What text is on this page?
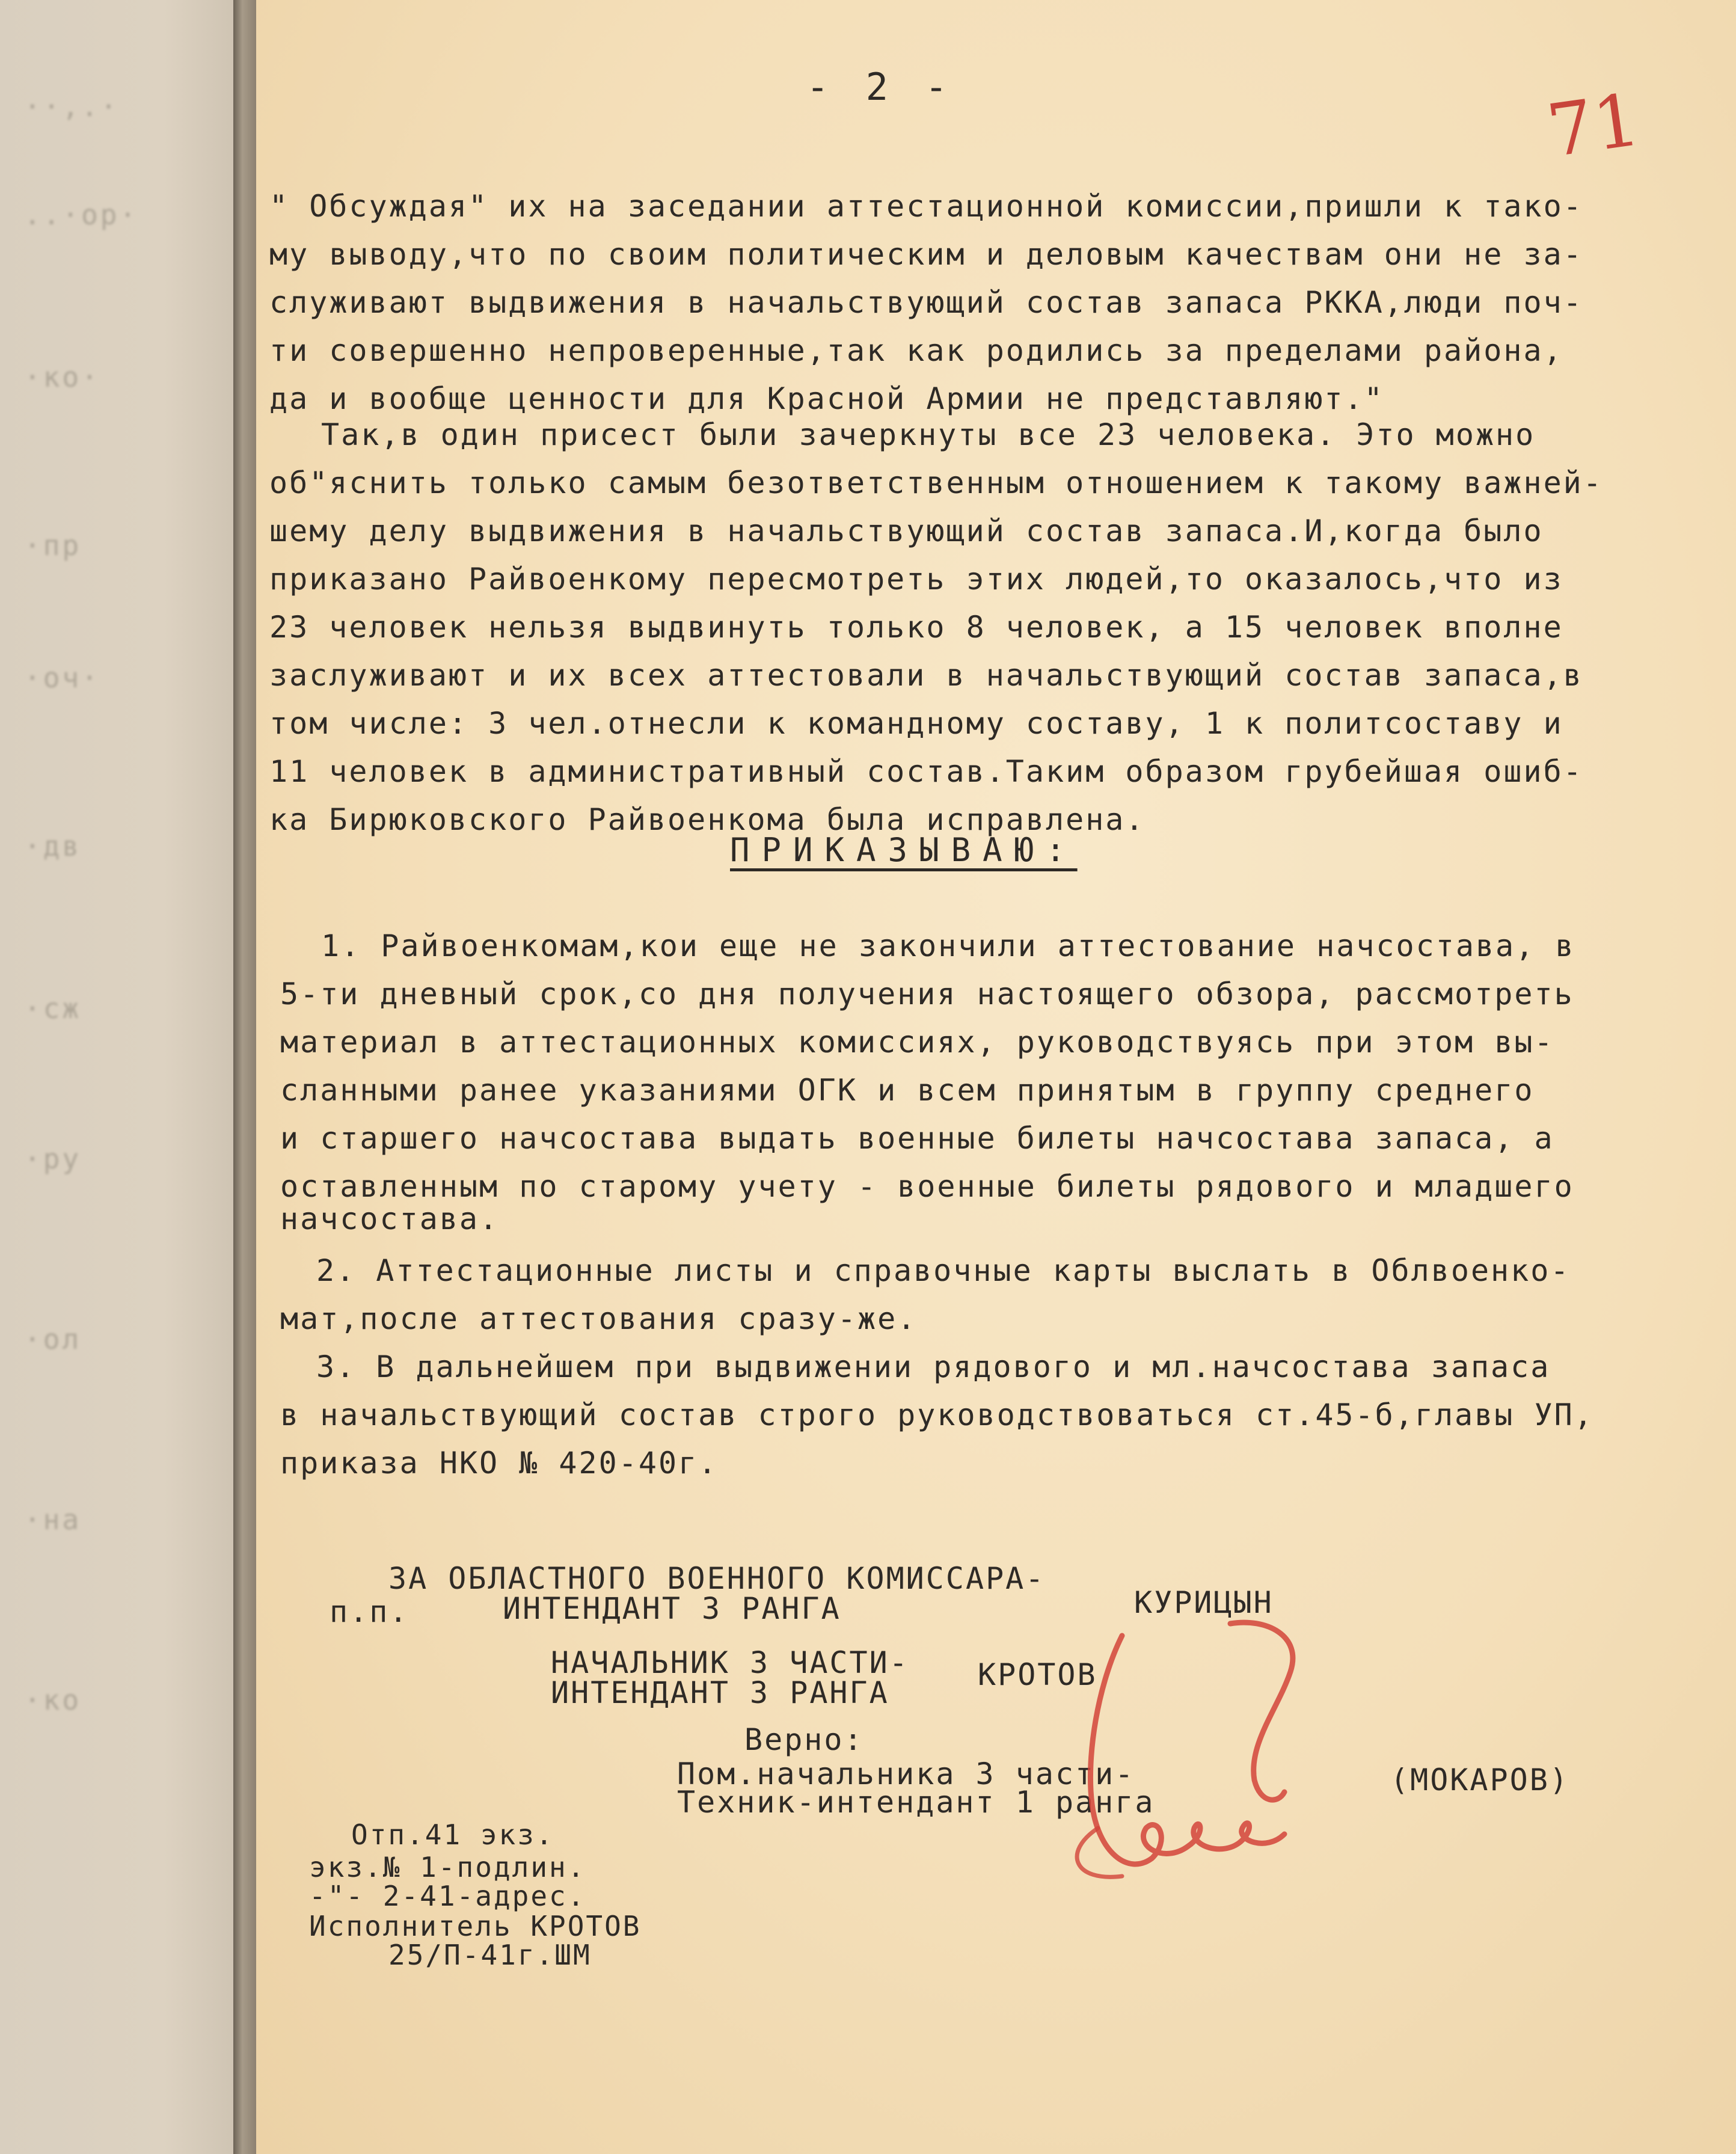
··,.·
..·ор·
·ко·
·пр
·оч·
·дв
·сж
·ру
·ол
·на
·ко
- 2 -	71
" Обсуждая" их на заседании аттестационной комиссии,пришли к тако-
му выводу,что по своим политическим и деловым качествам они не за-
служивают выдвижения в начальствующий состав запаса РККА,люди поч-
ти совершенно непроверенные,так как родились за пределами района,
да и вообще ценности для Красной Армии не представляют."
Так,в один присест были зачеркнуты все 23 человека. Это можно
об"яснить только самым безответственным отношением к такому важней-
шему делу выдвижения в начальствующий состав запаса.И,когда было
приказано Райвоенкому пересмотреть этих людей,то оказалось,что из
23 человек нельзя выдвинуть только 8 человек, а 15 человек вполне
заслуживают и их всех аттестовали в начальствующий состав запаса,в
том числе: 3 чел.отнесли к командному составу, 1 к политсоставу и
11 человек в административный состав.Таким образом грубейшая ошиб-
ка Бирюковского Райвоенкома была исправлена.
ПРИКАЗЫВАЮ:
1. Райвоенкомам,кои еще не закончили аттестование начсостава, в
5-ти дневный срок,со дня получения настоящего обзора, рассмотреть
материал в аттестационных комиссиях, руководствуясь при этом вы-
сланными ранее указаниями ОГК и всем принятым в группу среднего
и старшего начсостава выдать военные билеты начсостава запаса, а
оставленным по старому учету - военные билеты рядового и младшего
начсостава.
2. Аттестационные листы и справочные карты выслать в Облвоенко-
мат,после аттестования сразу-же.
3. В дальнейшем при выдвижении рядового и мл.начсостава запаса
в начальствующий состав строго руководствоваться ст.45-б,главы УП,
приказа НКО № 420-40г.
ЗА ОБЛАСТНОГО ВОЕННОГО КОМИССАРА-
п.п.	ИНТЕНДАНТ 3 РАНГА	КУРИЦЫН
НАЧАЛЬНИК 3 ЧАСТИ-
ИНТЕНДАНТ 3 РАНГА
КРОТОВ
Верно:
Пом.начальника 3 части-
Техник-интендант 1 ранга
(МОКАРОВ)
Отп.41 экз.
экз.№ 1-подлин.
-"- 2-41-адрес.
Исполнитель КРОТОВ
25/П-41г.ШМ
